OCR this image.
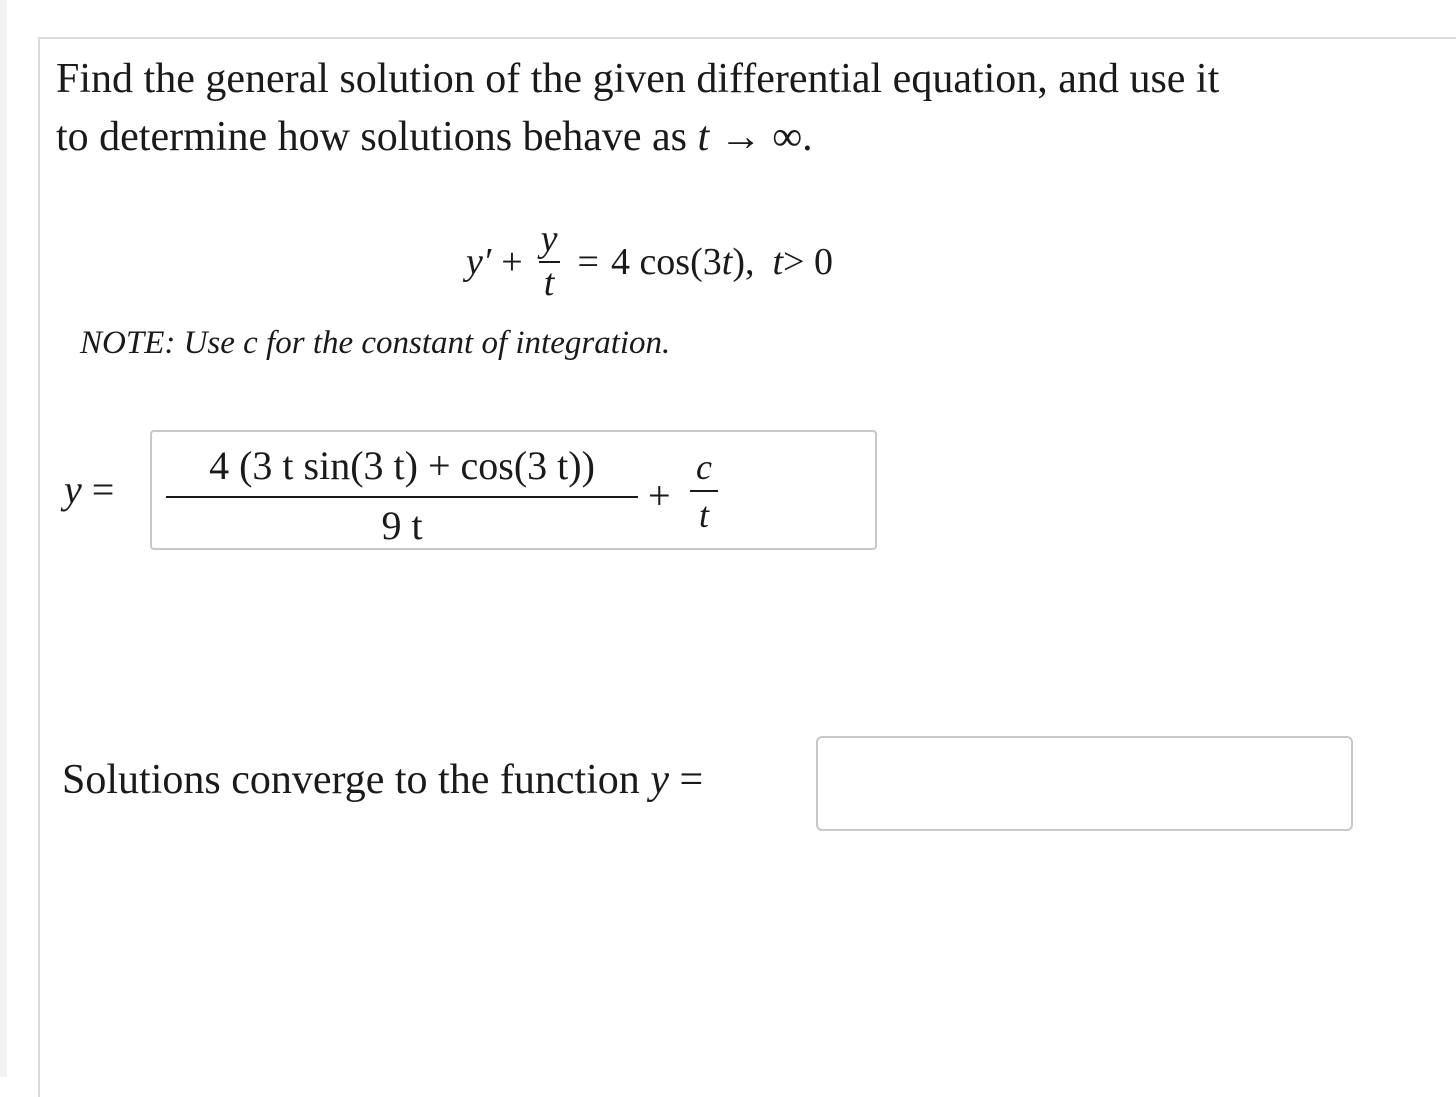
Find the general solution of the given differential equation, and use it
to determine how solutions behave as t → ∞.
$y' + \frac{y}{t} = 4$ cos(3 t ), t > 0
NOTE: Use c for the constant of integration.
y =
4 (3 t sin(3 t) + cos(3 t))
9 t
+
c
t
Solutions converge to the function y =
